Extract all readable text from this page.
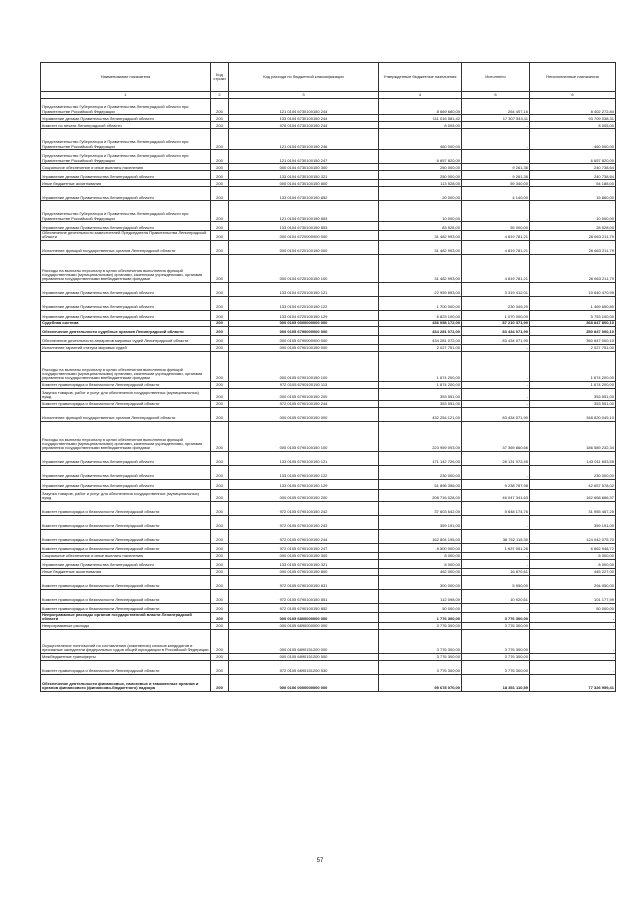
Наименование показателя	Код строки	Код расхода по бюджетной классификации	Утвержденные бюджетные назначения	Исполнено	Неисполненные назначения
1	2	3	4	5	6
Представительство Губернатора и Правительства Ленинградской области при Правительстве Российской Федерации	200	121 0104 6730100150 244	8 669 680,00	264 407,16	8 402 272,84
Управление делами Правительства Ленинградской области	200	133 0104 6730100150 244	111 016 581,42	17 307 543,11	93 709 038,31
Комитет по печати Ленинградской области	200	976 0104 6730100150 244	8 005,00	-	8 005,00
Представительство Губернатора и Правительства Ленинградской области при Правительстве Российской Федерации	200	121 0104 6730100150 246	460 000,00	-	460 000,00
Представительство Губернатора и Правительства Ленинградской области при Правительстве Российской Федерации	200	121 0104 6730100150 247	6 657 820,00	-	6 657 820,00
Социальное обеспечение и иные выплаты населению	200	000 0104 6730100150 300	250 000,00	9 261,36	240 738,64
Управление делами Правительства Ленинградской области	200	133 0104 6730100150 321	250 000,00	9 261,36	240 738,64
Иные бюджетные ассигнования	200	000 0104 6730100150 800	113 528,00	59 340,00	54 188,00
Управление делами Правительства Ленинградской области	200	133 0104 6730100150 852	20 000,00	4 140,00	15 860,00
Представительство Губернатора и Правительства Ленинградской области при Правительстве Российской Федерации	200	121 0104 6730100150 853	10 000,00	-	10 000,00
Управление делами Правительства Ленинградской области	200	133 0104 6730100150 853	83 528,00	55 000,00	28 528,00
Обеспечение деятельности заместителей Председателя Правительства Ленинградской области	200	000 0104 6720000000 000	31 482 993,00	4 819 781,21	26 663 211,79
Исполнение функций государственных органов Ленинградской области	200	000 0104 6720100150 000	31 482 993,00	4 819 781,21	26 663 211,79
Расходы на выплаты персоналу в целях обеспечения выполнения функций государственными (муниципальными) органами, казенными учреждениями, органами управления государственными внебюджетными фондами	200	000 0104 6720100150 100	31 482 993,00	4 819 781,21	26 663 211,79
Управление делами Правительства Ленинградской области	200	133 0104 6720100150 121	22 959 893,00	3 319 412,01	19 640 470,99
Управление делами Правительства Ленинградской области	200	133 0104 6720100150 122	1 700 000,00	230 349,20	1 469 650,80
Управление делами Правительства Ленинградской области	200	133 0104 6720100150 129	6 823 100,00	1 070 000,00	5 753 100,00
Судебная система	200	000 0105 0000000000 000	436 058 172,00	87 210 371,90	368 847 800,10
Обеспечение деятельности судебных органов Ленинградской области	200	000 0105 6790000000 000	434 281 072,00	83 434 071,90	350 847 000,10
Обеспечение деятельности аппаратов мировых судей Ленинградской области	200	000 0105 6790000000 000	434 281 072,00	83 434 071,90	350 847 000,10
Исполнение гарантий статуса мировых судей	200	000 0105 6790100150 000	2 027 751,00	-	2 027 751,00
Расходы на выплаты персоналу в целях обеспечения выполнения функций государственными (муниципальными) органами, казенными учреждениями, органами управления государственными внебюджетными фондами	200	000 0105 6790100150 100	1 674 200,00	-	1 674 200,00
Комитет правопорядка и безопасности Ленинградской области	200	972 0105 6790100150 113	1 674 200,00	-	1 674 200,00
Закупка товаров, работ и услуг для обеспечения государственных (муниципальных) нужд	200	000 0105 6790100150 200	353 551,00	-	353 551,00
Комитет правопорядка и безопасности Ленинградской области	200	972 0105 6790100150 244	353 551,00	-	353 551,00
Исполнение функций государственных органов Ленинградской области	200	000 0105 6790100150 000	432 254 121,00	83 434 071,90	348 820 049,10
Расходы на выплаты персоналу в целях обеспечения выполнения функций государственными (муниципальными) органами, казенными учреждениями, органами управления государственными внебюджетными фондами	200	000 0105 6790100150 100	223 959 093,00	37 369 860,66	186 589 232,34
Управление делами Правительства Ленинградской области	200	133 0105 6790100150 121	171 142 726,00	28 131 072,45	143 011 653,55
Управление делами Правительства Ленинградской области	200	133 0105 6790100150 122	230 000,00	-	230 000,00
Управление делами Правительства Ленинградской области	200	133 0105 6790100150 129	51 896 356,00	9 238 787,98	42 657 578,02
Закупка товаров, работ и услуг для обеспечения государственных (муниципальных) нужд	200	000 0105 6790100150 200	208 716 028,00	46 047 341,63	162 668 686,37
Комитет правопорядка и безопасности Ленинградской области	200	972 0105 6790100150 242	37 603 642,00	5 648 174,76	31 955 467,25
Комитет правопорядка и безопасности Ленинградской области	200	972 0105 6790100150 243	359 191,00	-	359 191,00
Комитет правопорядка и безопасности Ленинградской области	200	972 0105 6790100150 244	162 804 195,00	38 762 115,30	124 042 075,70
Комитет правопорядка и безопасности Ленинградской области	200	972 0105 6790100150 247	8 500 000,00	1 637 051,26	6 862 948,72
Социальное обеспечение и иные выплаты населению	200	000 0105 6790100150 300	8 000,00	-	8 000,00
Управление делами Правительства Ленинградской области	200	133 0105 6790100150 321	8 000,00	-	8 000,00
Иные бюджетные ассигнования	200	000 0105 6790100150 800	462 000,00	16 870,61	445 227,00
Комитет правопорядка и безопасности Ленинградской области	200	972 0105 6790100150 831	300 000,00	5 950,00	294 050,00
Комитет правопорядка и безопасности Ленинградской области	200	972 0105 6790100150 851	112 098,00	10 920,61	101 177,99
Комитет правопорядка и безопасности Ленинградской области	200	972 0105 6790100150 852	50 000,00	-	50 000,00
Непрограммные расходы органов государственной власти Ленинградской области	200	000 0105 6800000000 000	1 776 300,00	3 776 300,00	-
Непрограммные расходы	200	000 0105 6890000000 000	3 776 300,00	3 776 300,00	-
Осуществление полномочий по составлению (изменению) списков кандидатов в присяжные заседатели федеральных судов общей юрисдикции в Российской Федерации	200	000 0105 6890151200 000	3 776 300,00	3 776 300,00	-
Межбюджетные трансферты	200	000 0105 6890151200 500	3 776 300,00	3 776 300,00	-
Комитет правопорядка и безопасности Ленинградской области	200	972 0105 6890151200 530	3 776 300,00	3 776 300,00	-
Обеспечение деятельности финансовых, налоговых и таможенных органов и органов финансового (финансово-бюджетного) надзора	200	000 0106 0000000000 000	95 678 070,00	18 351 110,59	77 326 959,41
57
